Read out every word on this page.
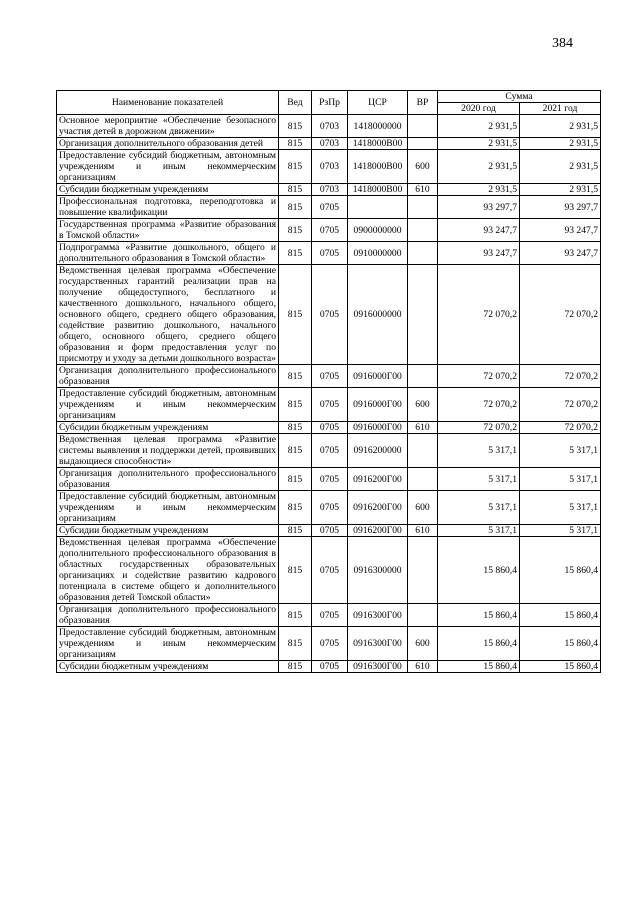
384
Наименование показателей	Вед	РзПр	ЦСР	ВР	Сумма	
					2020 год	2021 год
Основное мероприятие «Обеспечение безопасного участия детей в дорожном движении»	815	0703	1418000000		2 931,5	2 931,5
Организация дополнительного образования детей	815	0703	1418000В00		2 931,5	2 931,5
Предоставление субсидий бюджетным, автономным учреждениям и иным некоммерческим организациям	815	0703	1418000В00	600	2 931,5	2 931,5
Субсидии бюджетным учреждениям	815	0703	1418000В00	610	2 931,5	2 931,5
Профессиональная подготовка, переподготовка и повышение квалификации	815	0705			93 297,7	93 297,7
Государственная программа «Развитие образования в Томской области»	815	0705	0900000000		93 247,7	93 247,7
Подпрограмма «Развитие дошкольного, общего и дополнительного образования в Томской области»	815	0705	0910000000		93 247,7	93 247,7
Ведомственная целевая программа «Обеспечение государственных гарантий реализации прав на получение общедоступного, бесплатного и качественного дошкольного, начального общего, основного общего, среднего общего образования, содействие развитию дошкольного, начального общего, основного общего, среднего общего образования и форм предоставления услуг по присмотру и уходу за детьми дошкольного возраста»	815	0705	0916000000		72 070,2	72 070,2
Организация дополнительного профессионального образования	815	0705	0916000Г00		72 070,2	72 070,2
Предоставление субсидий бюджетным, автономным учреждениям и иным некоммерческим организациям	815	0705	0916000Г00	600	72 070,2	72 070,2
Субсидии бюджетным учреждениям	815	0705	0916000Г00	610	72 070,2	72 070,2
Ведомственная целевая программа «Развитие системы выявления и поддержки детей, проявивших выдающиеся способности»	815	0705	0916200000		5 317,1	5 317,1
Организация дополнительного профессионального образования	815	0705	0916200Г00		5 317,1	5 317,1
Предоставление субсидий бюджетным, автономным учреждениям и иным некоммерческим организациям	815	0705	0916200Г00	600	5 317,1	5 317,1
Субсидии бюджетным учреждениям	815	0705	0916200Г00	610	5 317,1	5 317,1
Ведомственная целевая программа «Обеспечение дополнительного профессионального образования в областных государственных образовательных организациях и содействие развитию кадрового потенциала в системе общего и дополнительного образования детей Томской области»	815	0705	0916300000		15 860,4	15 860,4
Организация дополнительного профессионального образования	815	0705	0916300Г00		15 860,4	15 860,4
Предоставление субсидий бюджетным, автономным учреждениям и иным некоммерческим организациям	815	0705	0916300Г00	600	15 860,4	15 860,4
Субсидии бюджетным учреждениям	815	0705	0916300Г00	610	15 860,4	15 860,4
